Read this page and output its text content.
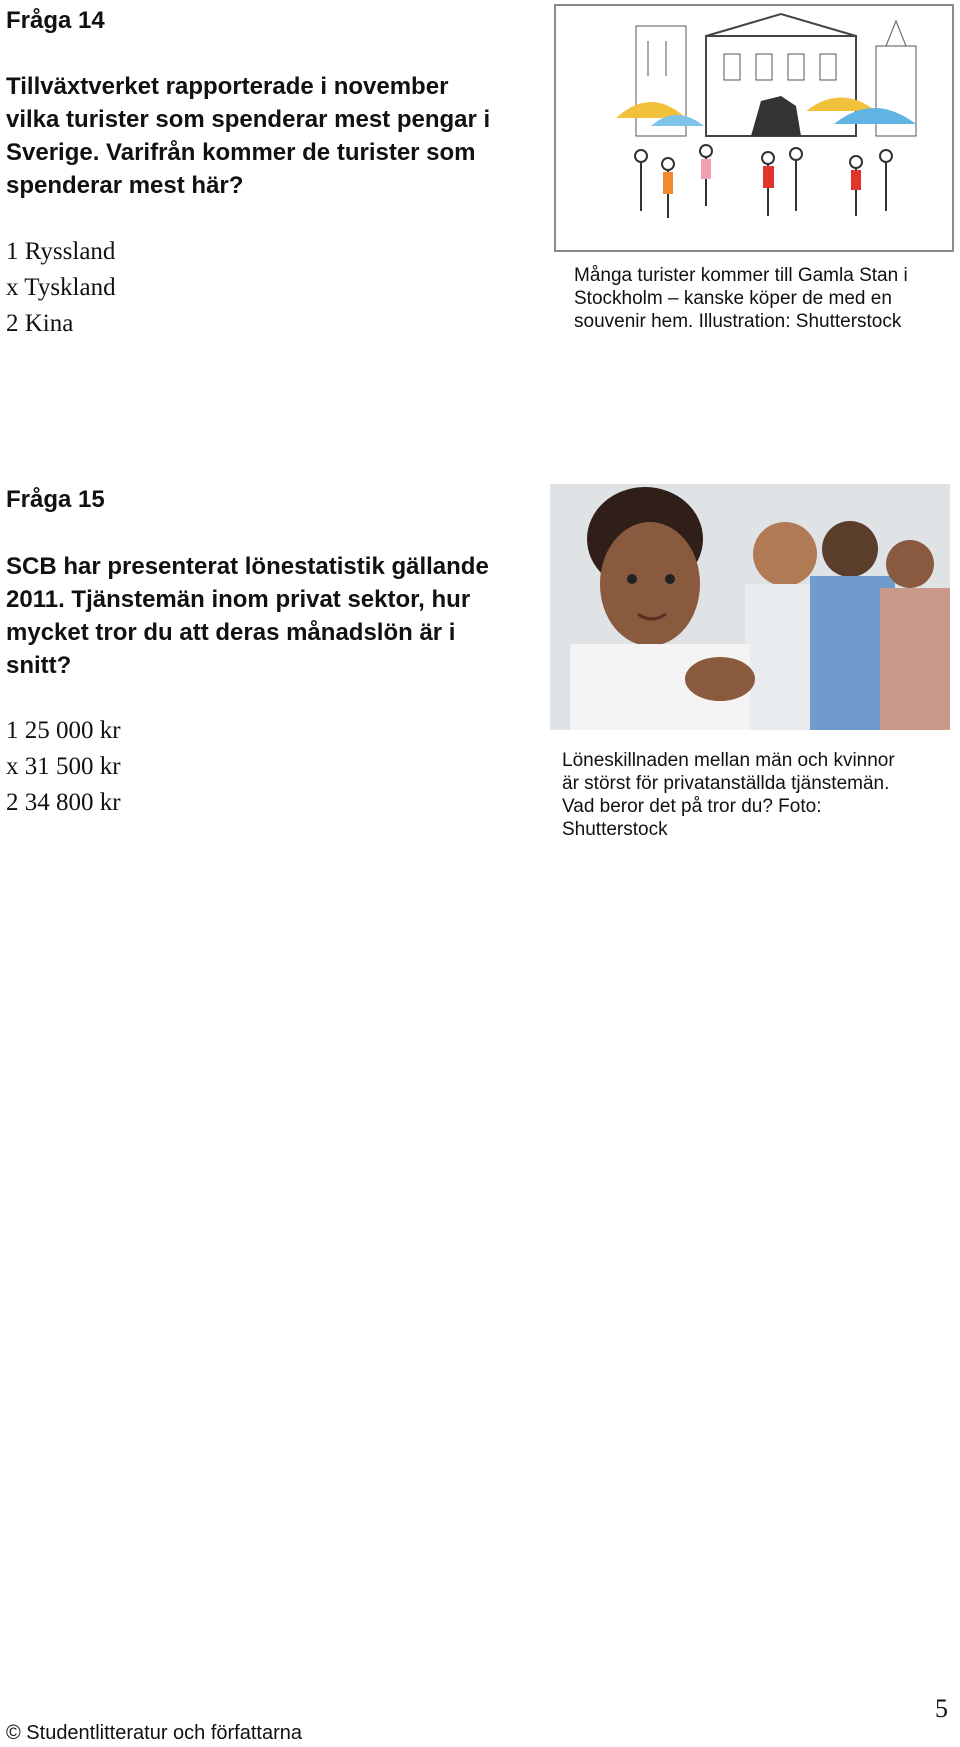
Fråga 14
Tillväxtverket rapporterade i november
vilka turister som spenderar mest pengar i
Sverige. Varifrån kommer de turister som
spenderar mest här?
1 Ryssland
x Tyskland
2 Kina
Många turister kommer till Gamla Stan i
Stockholm – kanske köper de med en
souvenir hem. Illustration: Shutterstock
Fråga 15
SCB har presenterat lönestatistik gällande
2011. Tjänstemän inom privat sektor, hur
mycket tror du att deras månadslön är i
snitt?
1 25 000 kr
x 31 500 kr
2 34 800 kr
Löneskillnaden mellan män och kvinnor
är störst för privatanställda tjänstemän.
Vad beror det på tror du? Foto:
Shutterstock
5
© Studentlitteratur och författarna
